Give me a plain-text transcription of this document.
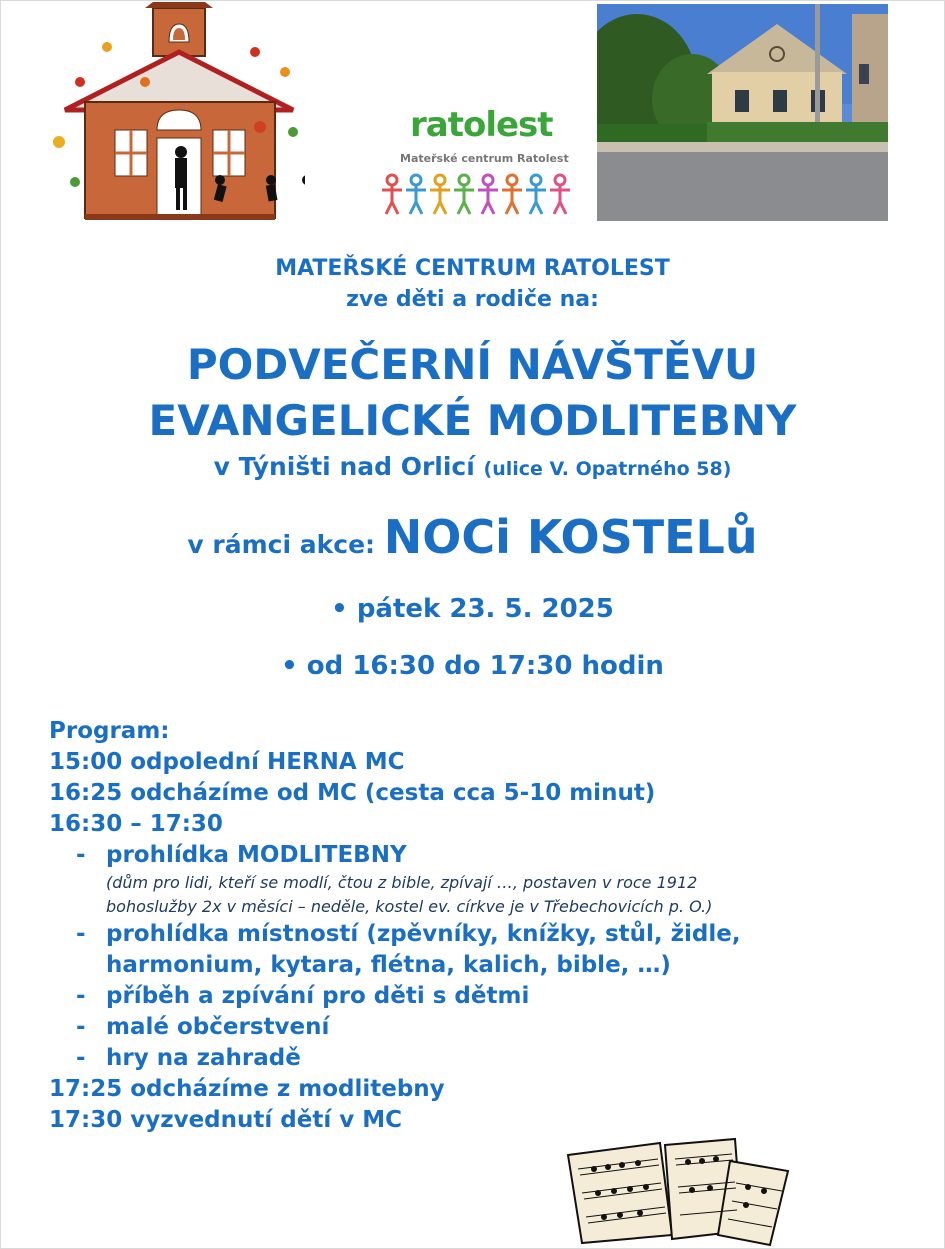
ratolest
Mateřské centrum Ratolest
MATEŘSKÉ CENTRUM RATOLEST
zve děti a rodiče na:
PODVEČERNÍ NÁVŠTĚVU
EVANGELICKÉ MODLITEBNY
v Týništi nad Orlicí (ulice V. Opatrného 58)
v rámci akce: NOCi KOSTELů
• pátek 23. 5. 2025
• od 16:30 do 17:30 hodin
Program:
15:00 odpolední HERNA MC
16:25 odcházíme od MC (cesta cca 5-10 minut)
16:30 – 17:30
- prohlídka MODLITEBNY
(dům pro lidi, kteří se modlí, čtou z bible, zpívají …, postaven v roce 1912
bohoslužby 2x v měsíci – neděle, kostel ev. církve je v Třebechovicích p. O.)
- prohlídka místností (zpěvníky, knížky, stůl, židle,
harmonium, kytara, flétna, kalich, bible, …)
- příběh a zpívání pro děti s dětmi
- malé občerstvení
- hry na zahradě
17:25 odcházíme z modlitebny
17:30 vyzvednutí dětí v MC
